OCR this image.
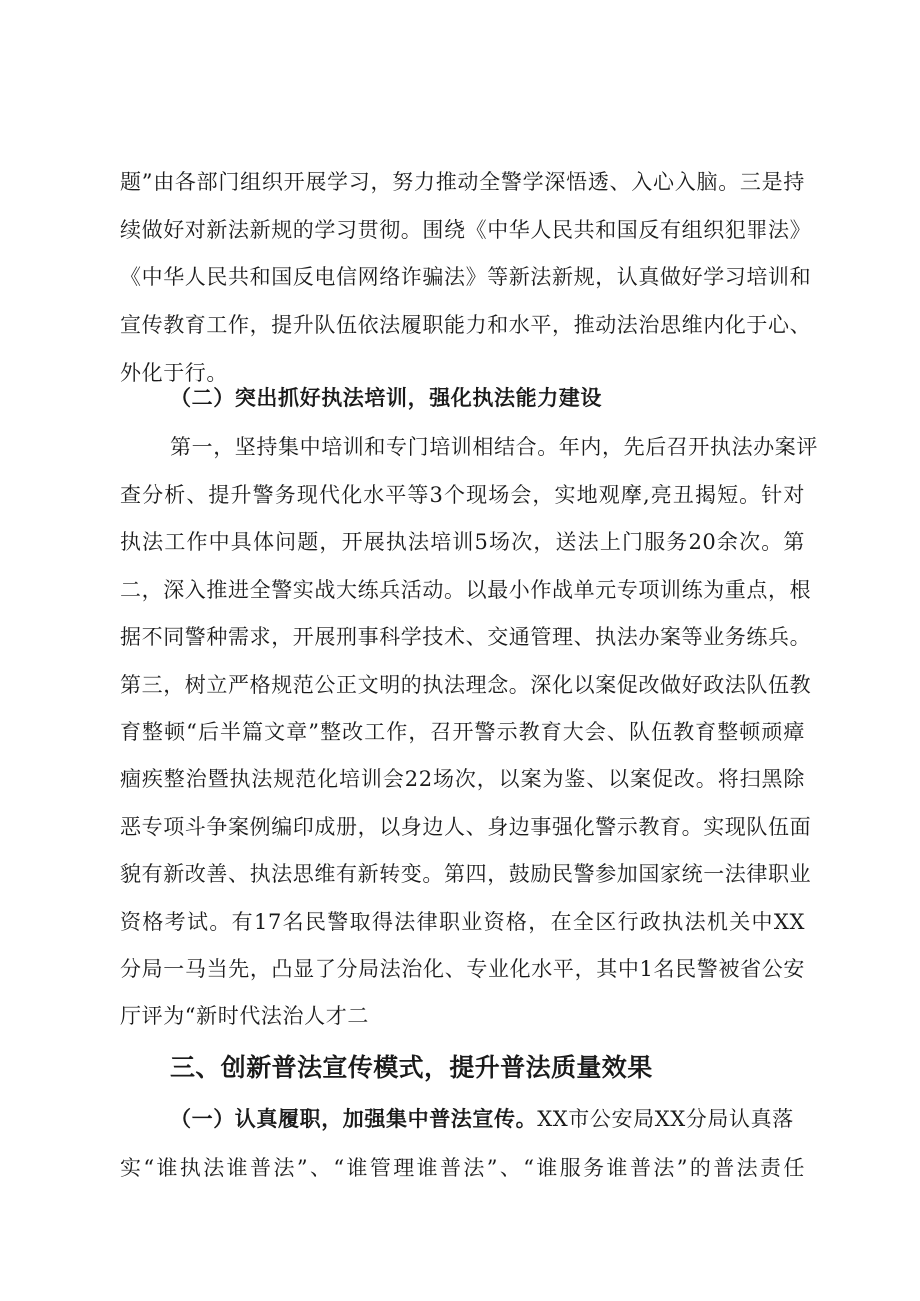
题”由各部门组织开展学习，努力推动全警学深悟透、入心入脑。三是持
续做好对新法新规的学习贯彻。围绕《中华人民共和国反有组织犯罪法》
《中华人民共和国反电信网络诈骗法》等新法新规，认真做好学习培训和
宣传教育工作，提升队伍依法履职能力和水平，推动法治思维内化于心、
外化于行。
（二）突出抓好执法培训，强化执法能力建设
第一，坚持集中培训和专门培训相结合。年内，先后召开执法办案评
查分析、提升警务现代化水平等3个现场会，实地观摩,亮丑揭短。针对
执法工作中具体问题，开展执法培训5场次，送法上门服务20余次。第
二，深入推进全警实战大练兵活动。以最小作战单元专项训练为重点，根
据不同警种需求，开展刑事科学技术、交通管理、执法办案等业务练兵。
第三，树立严格规范公正文明的执法理念。深化以案促改做好政法队伍教
育整顿“后半篇文章”整改工作，召开警示教育大会、队伍教育整顿顽瘴
痼疾整治暨执法规范化培训会22场次，以案为鉴、以案促改。将扫黑除
恶专项斗争案例编印成册，以身边人、身边事强化警示教育。实现队伍面
貌有新改善、执法思维有新转变。第四，鼓励民警参加国家统一法律职业
资格考试。有17名民警取得法律职业资格，在全区行政执法机关中XX
分局一马当先，凸显了分局法治化、专业化水平，其中1名民警被省公安
厅评为“新时代法治人才二
三、创新普法宣传模式，提升普法质量效果
（一）认真履职，加强集中普法宣传。XX市公安局XX分局认真落
实“谁执法谁普法”、“谁管理谁普法”、“谁服务谁普法”的普法责任
